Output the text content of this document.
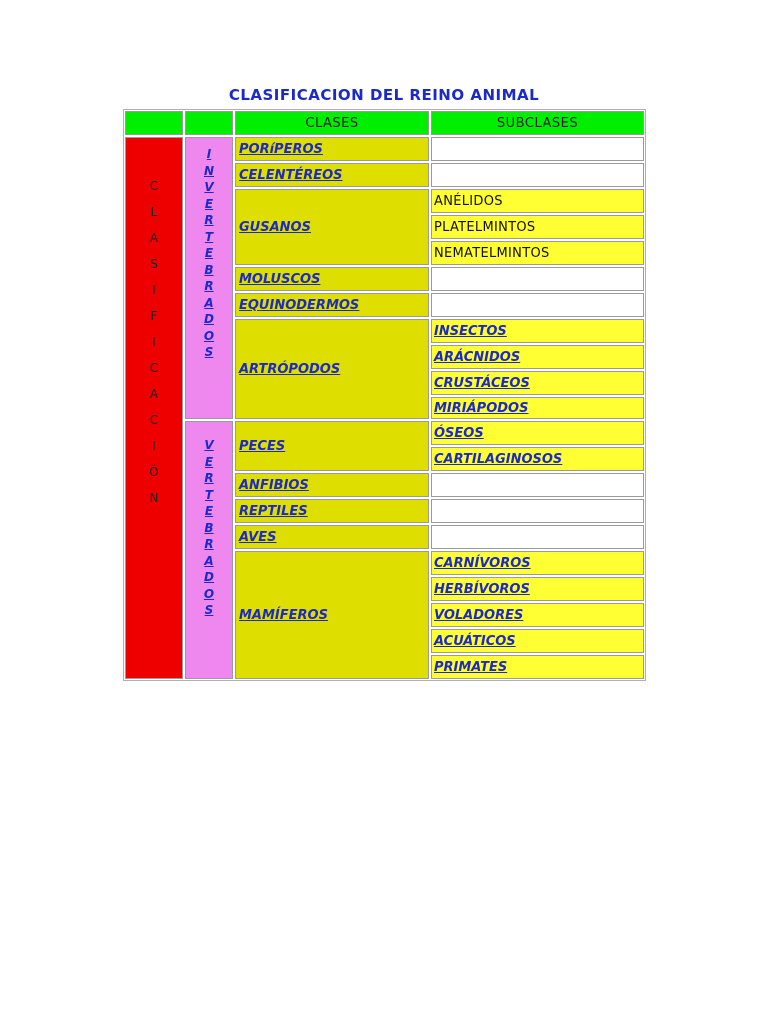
CLASIFICACION DEL REINO ANIMAL
CLASES	SUBCLASES
C
L
A
S
I
F
I
C
A
C
I
Ó
N
I
N
V
E
R
T
E
B
R
A
D
O
S
V
E
R
T
E
B
R
A
D
O
S
PORíPEROS
CELENTÉREOS
GUSANOS
MOLUSCOS
EQUINODERMOS
ARTRÓPODOS
PECES
ANFIBIOS
REPTILES
AVES
MAMÍFEROS
ANÉLIDOS
PLATELMINTOS
NEMATELMINTOS
INSECTOS
ARÁCNIDOS
CRUSTÁCEOS
MIRIÁPODOS
ÓSEOS
CARTILAGINOSOS
CARNÍVOROS
HERBÍVOROS
VOLADORES
ACUÁTICOS
PRIMATES
